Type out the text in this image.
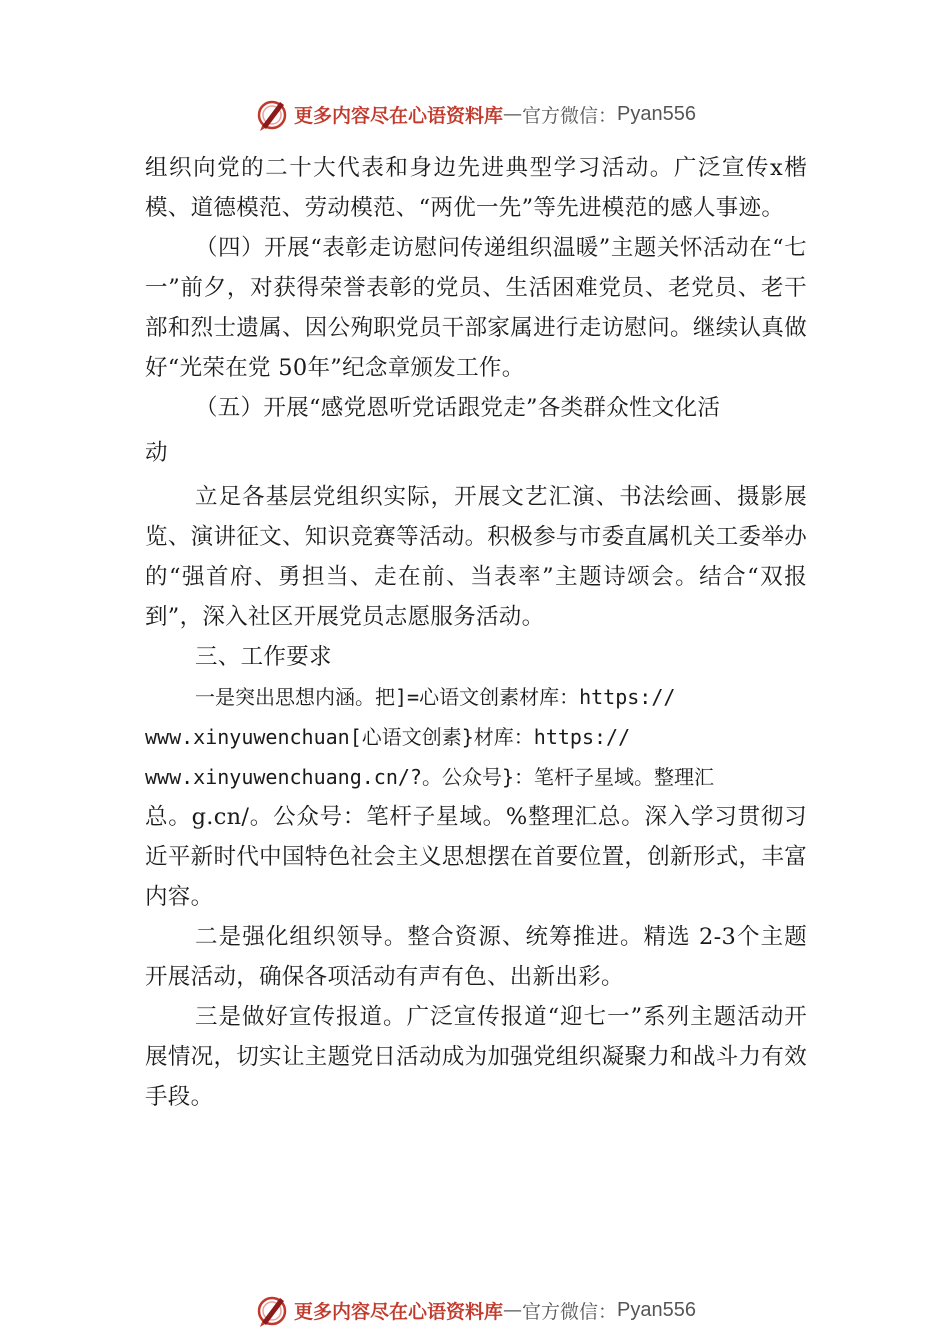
更多内容尽在心语资料库 — 官方微信： Pyan556

组织向党的二十大代表和身边先进典型学习活动。广泛宣传x楷模、道德模范、劳动模范、“两优一先”等先进模范的感人事迹。

（四）开展“表彰走访慰问传递组织温暖”主题关怀活动在“七一”前夕，对获得荣誉表彰的党员、生活困难党员、老党员、老干部和烈士遗属、因公殉职党员干部家属进行走访慰问。继续认真做好“光荣在党 50年”纪念章颁发工作。

（五）开展“感党恩听党话跟党走”各类群众性文化活

动

立足各基层党组织实际，开展文艺汇演、书法绘画、摄影展览、演讲征文、知识竞赛等活动。积极参与市委直属机关工委举办的“强首府、勇担当、走在前、当表率”主题诗颂会。结合“双报到”，深入社区开展党员志愿服务活动。

三、工作要求

一是突出思想内涵。把]=心语文创素材库：https://

www.xinyuwenchuan[心语文创素}材库：https://

www.xinyuwenchuang.cn/?。公众号}：笔杆子星域。整理汇

总。g.cn/。公众号：笔杆子星域。%整理汇总。深入学习贯彻习近平新时代中国特色社会主义思想摆在首要位置，创新形式，丰富内容。

二是强化组织领导。整合资源、统筹推进。精选 2-3个主题开展活动，确保各项活动有声有色、出新出彩。

三是做好宣传报道。广泛宣传报道“迎七一”系列主题活动开展情况，切实让主题党日活动成为加强党组织凝聚力和战斗力有效手段。

更多内容尽在心语资料库 — 官方微信： Pyan556
